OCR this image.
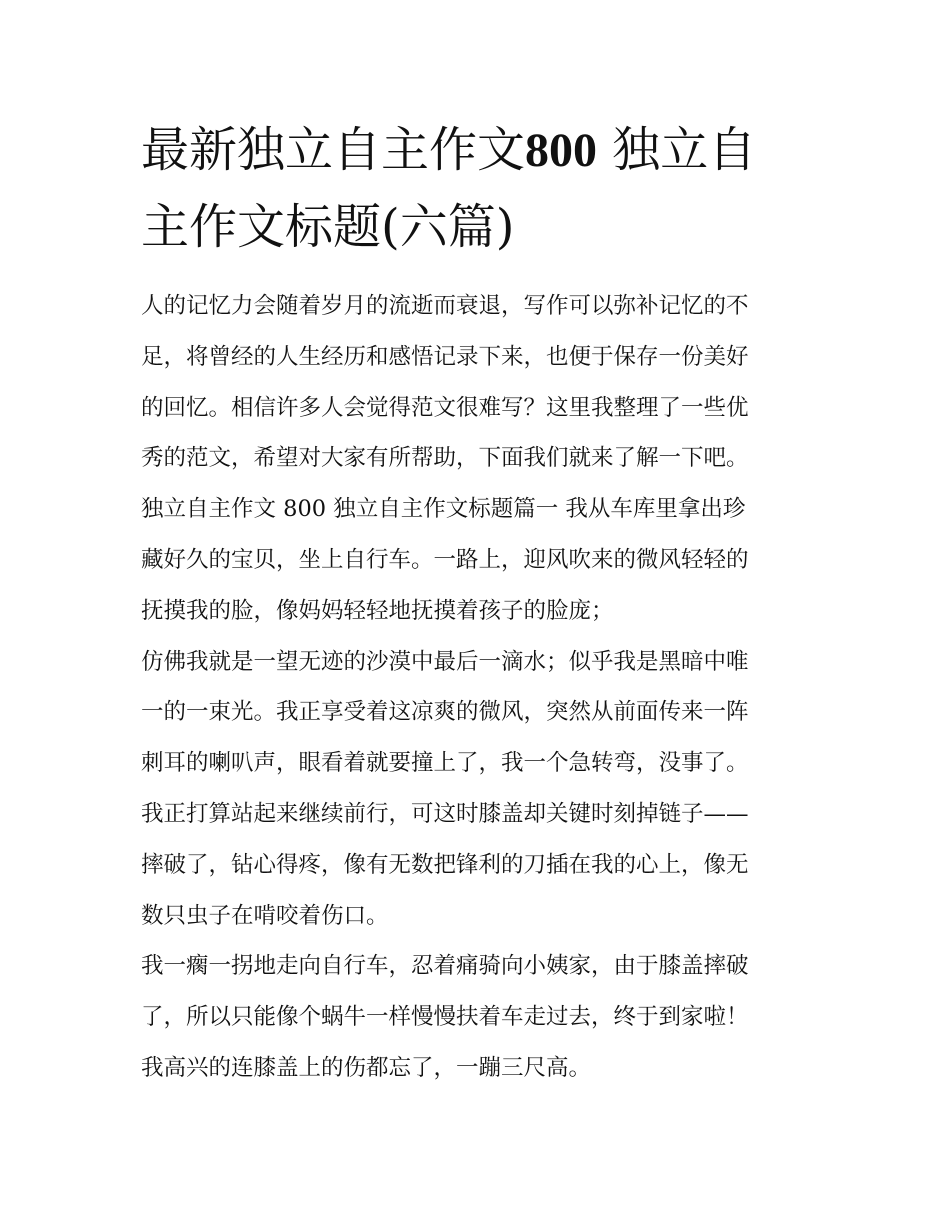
最新独立自主作文800 独立自
主作文标题(六篇)

人的记忆力会随着岁月的流逝而衰退，写作可以弥补记忆的不

足，将曾经的人生经历和感悟记录下来，也便于保存一份美好

的回忆。相信许多人会觉得范文很难写？这里我整理了一些优

秀的范文，希望对大家有所帮助，下面我们就来了解一下吧。

独立自主作文 800 独立自主作文标题篇一 我从车库里拿出珍

藏好久的宝贝，坐上自行车。一路上，迎风吹来的微风轻轻的

抚摸我的脸，像妈妈轻轻地抚摸着孩子的脸庞；

仿佛我就是一望无迹的沙漠中最后一滴水；似乎我是黑暗中唯

一的一束光。我正享受着这凉爽的微风，突然从前面传来一阵

刺耳的喇叭声，眼看着就要撞上了，我一个急转弯，没事了。

我正打算站起来继续前行，可这时膝盖却关键时刻掉链子——

摔破了，钻心得疼，像有无数把锋利的刀插在我的心上，像无

数只虫子在啃咬着伤口。

我一瘸一拐地走向自行车，忍着痛骑向小姨家，由于膝盖摔破

了，所以只能像个蜗牛一样慢慢扶着车走过去，终于到家啦！

我高兴的连膝盖上的伤都忘了，一蹦三尺高。
